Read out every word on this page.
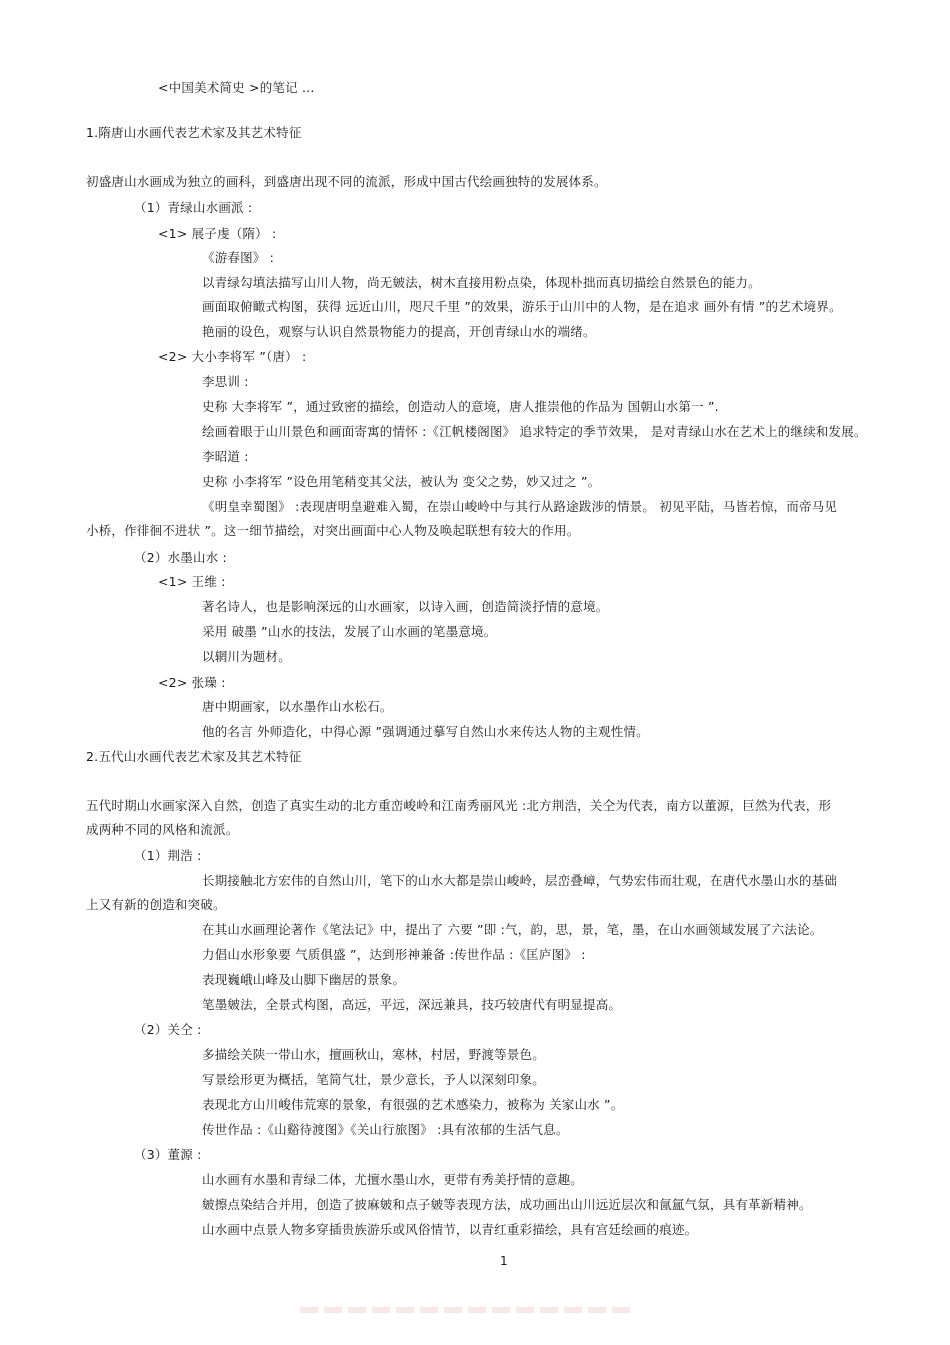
<中国美术简史 >的笔记 ...
1.隋唐山水画代表艺术家及其艺术特征
初盛唐山水画成为独立的画科，到盛唐出现不同的流派，形成中国古代绘画独特的发展体系。
（1）青绿山水画派 :
<1> 展子虔（隋） :
《游春图》 :
以青绿勾填法描写山川人物，尚无皴法，树木直接用粉点染，体现朴拙而真切描绘自然景色的能力。
画面取俯瞰式构图，获得 远近山川，咫尺千里 ”的效果，游乐于山川中的人物，是在追求 画外有情 ”的艺术境界。
艳丽的设色，观察与认识自然景物能力的提高，开创青绿山水的端绪。
<2> 大小李将军 ”（唐） :
李思训 :
史称 大李将军 ”，通过致密的描绘，创造动人的意境，唐人推崇他的作品为 国朝山水第一 ”.
绘画着眼于山川景色和画面寄寓的情怀 :《江帆楼阁图》 追求特定的季节效果， 是对青绿山水在艺术上的继续和发展。
李昭道 :
史称 小李将军 ”设色用笔稍变其父法，被认为 变父之势，妙又过之 ”。
《明皇幸蜀图》 :表现唐明皇避难入蜀，在崇山峻岭中与其行从路途跋涉的情景。 初见平陆，马皆若惊，而帝马见
小桥，作徘徊不进状 ”。这一细节描绘，对突出画面中心人物及唤起联想有较大的作用。
（2）水墨山水 :
<1> 王维 :
著名诗人，也是影响深远的山水画家，以诗入画，创造简淡抒情的意境。
采用 破墨 ”山水的技法，发展了山水画的笔墨意境。
以辋川为题材。
<2> 张璪 :
唐中期画家，以水墨作山水松石。
他的名言 外师造化，中得心源 ”强调通过摹写自然山水来传达人物的主观性情。
2.五代山水画代表艺术家及其艺术特征
五代时期山水画家深入自然，创造了真实生动的北方重峦峻岭和江南秀丽风光 :北方荆浩，关仝为代表，南方以董源，巨然为代表，形
成两种不同的风格和流派。
（1）荆浩 :
长期接触北方宏伟的自然山川，笔下的山水大都是崇山峻岭，层峦叠嶂，气势宏伟而壮观，在唐代水墨山水的基础
上又有新的创造和突破。
在其山水画理论著作《笔法记》中，提出了 六要 ”即 :气，韵，思，景，笔，墨，在山水画领域发展了六法论。
力倡山水形象要 气质俱盛 ”，达到形神兼备 :传世作品 :《匡庐图》 :
表现巍峨山峰及山脚下幽居的景象。
笔墨皴法，全景式构图，高远，平远，深远兼具，技巧较唐代有明显提高。
（2）关仝 :
多描绘关陕一带山水，擅画秋山，寒林，村居，野渡等景色。
写景绘形更为概括，笔简气壮，景少意长，予人以深刻印象。
表现北方山川峻伟荒寒的景象，有很强的艺术感染力，被称为 关家山水 ”。
传世作品 :《山谿待渡图》《关山行旅图》 :具有浓郁的生活气息。
（3）董源 :
山水画有水墨和青绿二体，尤擅水墨山水，更带有秀美抒情的意趣。
皴擦点染结合并用，创造了披麻皴和点子皴等表现方法，成功画出山川远近层次和氤氲气氛，具有革新精神。
山水画中点景人物多穿插贵族游乐或风俗情节，以青红重彩描绘，具有宫廷绘画的痕迹。
1
